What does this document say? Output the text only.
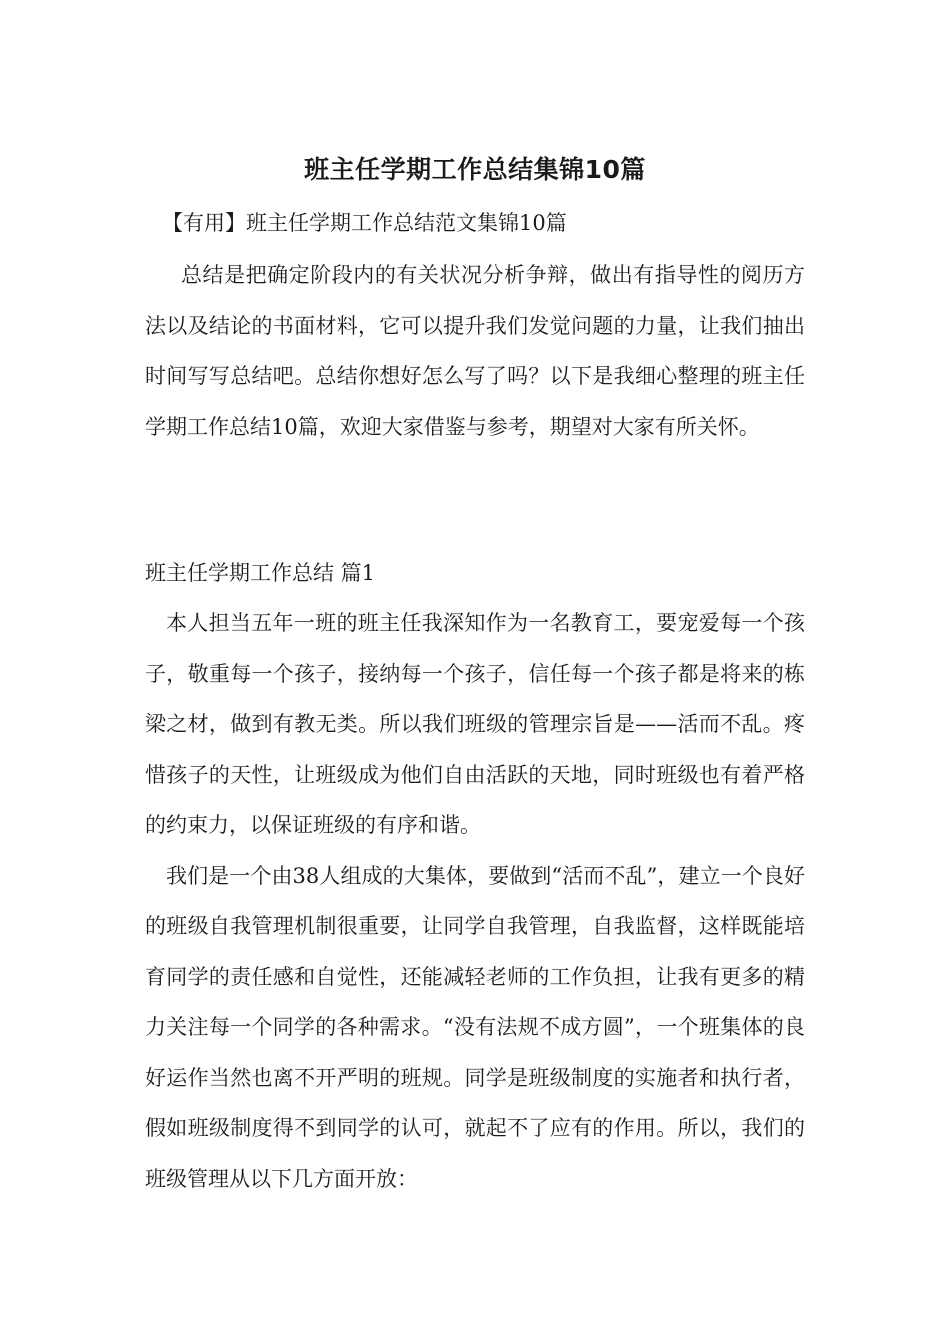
班主任学期工作总结集锦10篇
【有用】班主任学期工作总结范文集锦10篇

总结是把确定阶段内的有关状况分析争辩，做出有指导性的阅历方法以及结论的书面材料，它可以提升我们发觉问题的力量，让我们抽出时间写写总结吧。总结你想好怎么写了吗？以下是我细心整理的班主任学期工作总结10篇，欢迎大家借鉴与参考，期望对大家有所关怀。

班主任学期工作总结 篇1

本人担当五年一班的班主任我深知作为一名教育工，要宠爱每一个孩子，敬重每一个孩子，接纳每一个孩子，信任每一个孩子都是将来的栋梁之材，做到有教无类。所以我们班级的管理宗旨是——活而不乱。疼惜孩子的天性，让班级成为他们自由活跃的天地，同时班级也有着严格的约束力，以保证班级的有序和谐。

我们是一个由38人组成的大集体，要做到“活而不乱”，建立一个良好的班级自我管理机制很重要，让同学自我管理，自我监督，这样既能培育同学的责任感和自觉性，还能减轻老师的工作负担，让我有更多的精力关注每一个同学的各种需求。“没有法规不成方圆”，一个班集体的良好运作当然也离不开严明的班规。同学是班级制度的实施者和执行者，假如班级制度得不到同学的认可，就起不了应有的作用。所以，我们的班级管理从以下几方面开放：
